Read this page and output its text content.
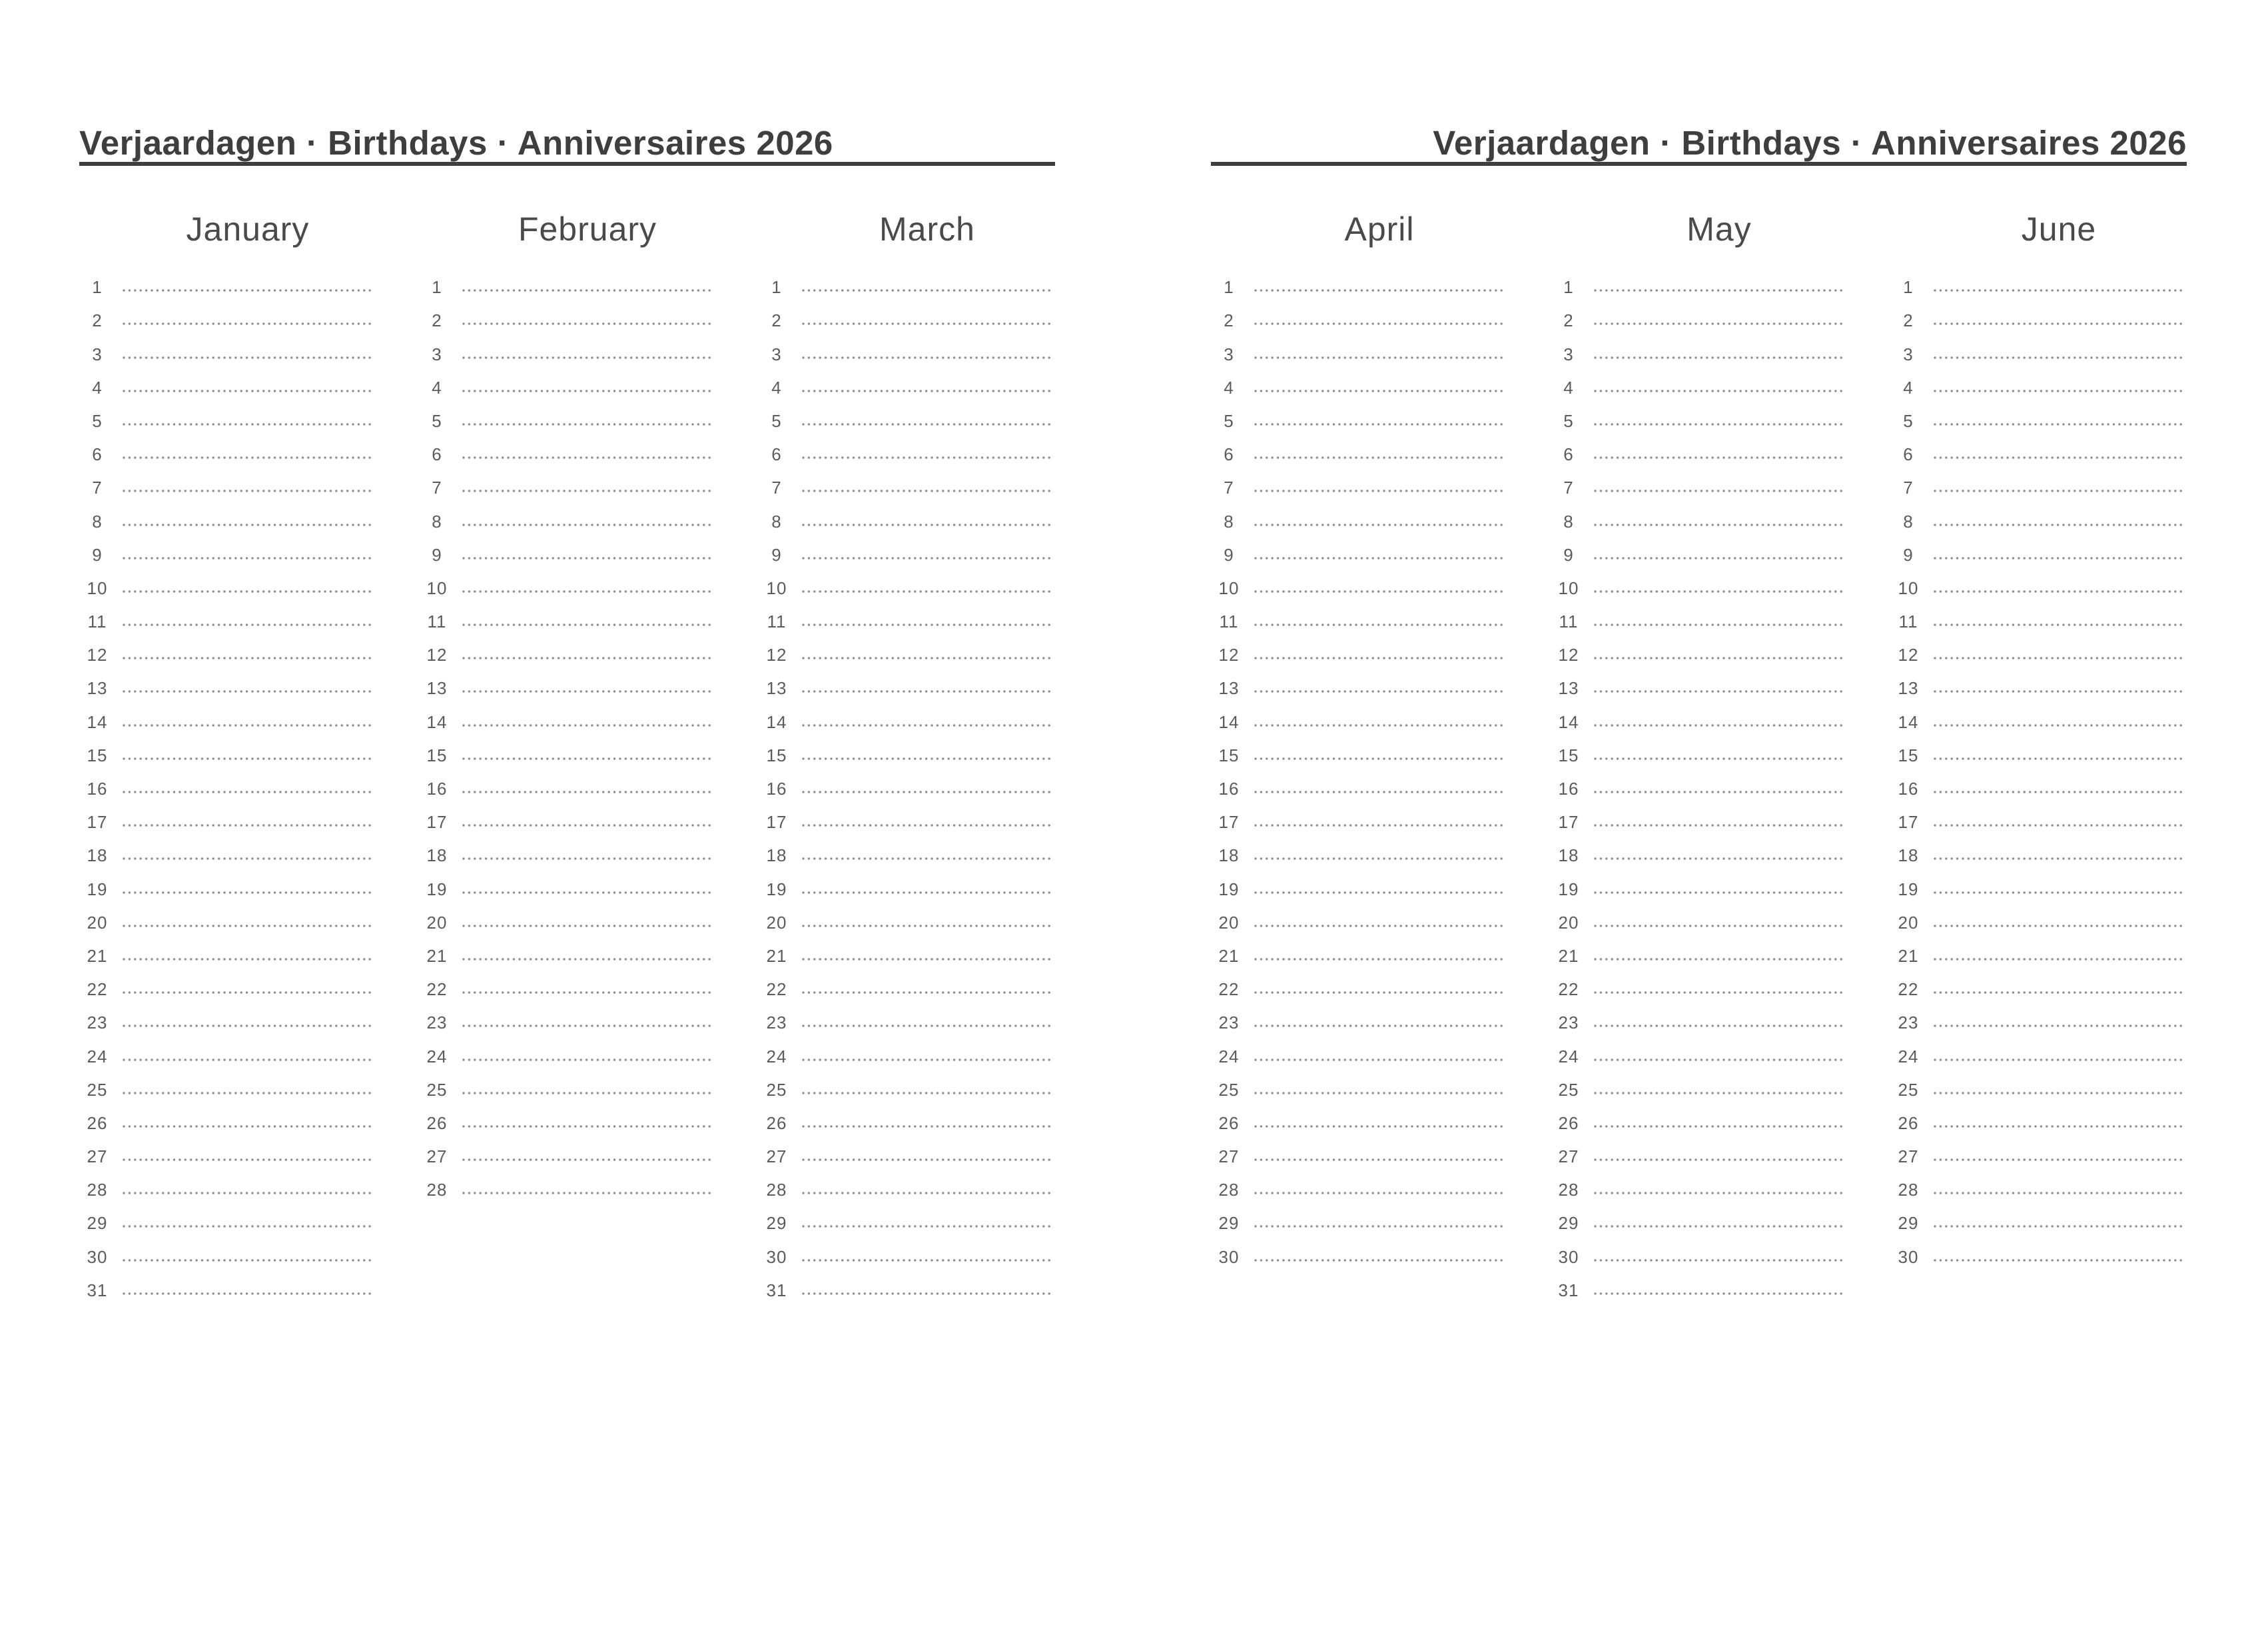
Verjaardagen · Birthdays · Anniversaires 2026
January
1
2
3
4
5
6
7
8
9
10
11
12
13
14
15
16
17
18
19
20
21
22
23
24
25
26
27
28
29
30
31
February
1
2
3
4
5
6
7
8
9
10
11
12
13
14
15
16
17
18
19
20
21
22
23
24
25
26
27
28
March
1
2
3
4
5
6
7
8
9
10
11
12
13
14
15
16
17
18
19
20
21
22
23
24
25
26
27
28
29
30
31
Verjaardagen · Birthdays · Anniversaires 2026
April
1
2
3
4
5
6
7
8
9
10
11
12
13
14
15
16
17
18
19
20
21
22
23
24
25
26
27
28
29
30
May
1
2
3
4
5
6
7
8
9
10
11
12
13
14
15
16
17
18
19
20
21
22
23
24
25
26
27
28
29
30
31
June
1
2
3
4
5
6
7
8
9
10
11
12
13
14
15
16
17
18
19
20
21
22
23
24
25
26
27
28
29
30
